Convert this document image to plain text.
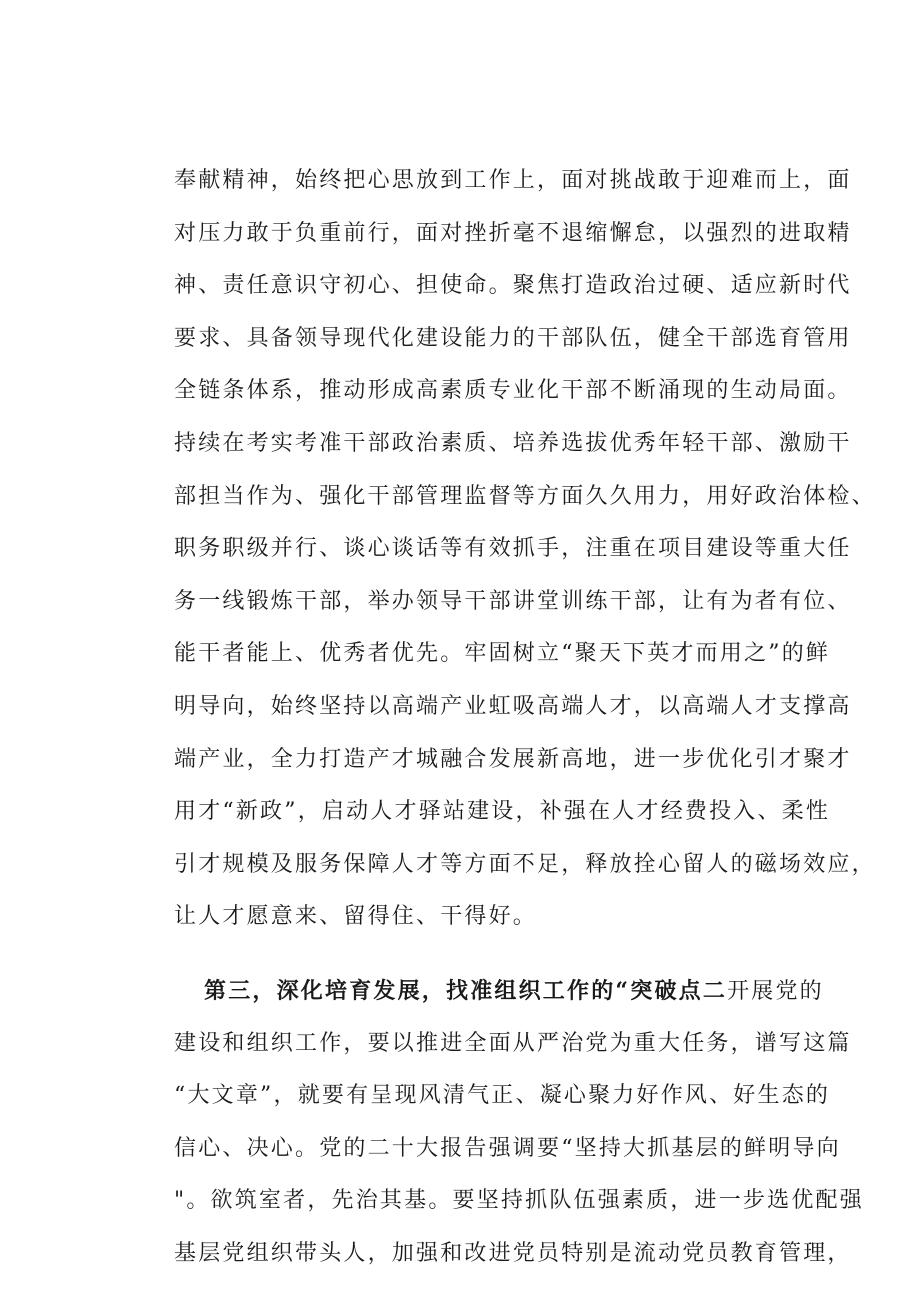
奉献精神，始终把心思放到工作上，面对挑战敢于迎难而上，面
对压力敢于负重前行，面对挫折毫不退缩懈怠，以强烈的进取精
神、责任意识守初心、担使命。聚焦打造政治过硬、适应新时代
要求、具备领导现代化建设能力的干部队伍，健全干部选育管用
全链条体系，推动形成高素质专业化干部不断涌现的生动局面。
持续在考实考准干部政治素质、培养选拔优秀年轻干部、激励干
部担当作为、强化干部管理监督等方面久久用力，用好政治体检、
职务职级并行、谈心谈话等有效抓手，注重在项目建设等重大任
务一线锻炼干部，举办领导干部讲堂训练干部，让有为者有位、
能干者能上、优秀者优先。牢固树立“聚天下英才而用之”的鲜
明导向，始终坚持以高端产业虹吸高端人才，以高端人才支撑高
端产业，全力打造产才城融合发展新高地，进一步优化引才聚才
用才“新政”，启动人才驿站建设，补强在人才经费投入、柔性
引才规模及服务保障人才等方面不足，释放拴心留人的磁场效应，
让人才愿意来、留得住、干得好。
第三，深化培育发展，找准组织工作的“突破点二开展党的
建设和组织工作，要以推进全面从严治党为重大任务，谱写这篇
“大文章”，就要有呈现风清气正、凝心聚力好作风、好生态的
信心、决心。党的二十大报告强调要“坚持大抓基层的鲜明导向
"。欲筑室者，先治其基。要坚持抓队伍强素质，进一步选优配强
基层党组织带头人，加强和改进党员特别是流动党员教育管理，
